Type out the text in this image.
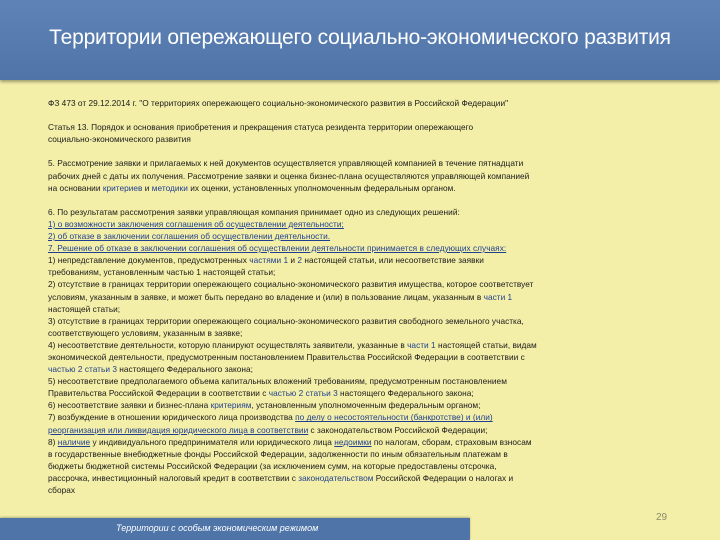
Территории опережающего социально-экономического развития

ФЗ 473 от 29.12.2014 г. "О территориях опережающего социально-экономического развития в Российской Федерации"

Статья 13. Порядок и основания приобретения и прекращения статуса резидента территории опережающего

социально-экономического развития

5. Рассмотрение заявки и прилагаемых к ней документов осуществляется управляющей компанией в течение пятнадцати

рабочих дней с даты их получения. Рассмотрение заявки и оценка бизнес-плана осуществляются управляющей компанией

на основании критериев и методики их оценки, установленных уполномоченным федеральным органом.

6. По результатам рассмотрения заявки управляющая компания принимает одно из следующих решений:

1) о возможности заключения соглашения об осуществлении деятельности;

2) об отказе в заключении соглашения об осуществлении деятельности.

7. Решение об отказе в заключении соглашения об осуществлении деятельности принимается в следующих случаях:

1) непредставление документов, предусмотренных частями 1 и 2 настоящей статьи, или несоответствие заявки

требованиям, установленным частью 1 настоящей статьи;

2) отсутствие в границах территории опережающего социально-экономического развития имущества, которое соответствует

условиям, указанным в заявке, и может быть передано во владение и (или) в пользование лицам, указанным в части 1

настоящей статьи;

3) отсутствие в границах территории опережающего социально-экономического развития свободного земельного участка,

соответствующего условиям, указанным в заявке;

4) несоответствие деятельности, которую планируют осуществлять заявители, указанные в части 1 настоящей статьи, видам

экономической деятельности, предусмотренным постановлением Правительства Российской Федерации в соответствии с

частью 2 статьи 3 настоящего Федерального закона;

5) несоответствие предполагаемого объема капитальных вложений требованиям, предусмотренным постановлением

Правительства Российской Федерации в соответствии с частью 2 статьи 3 настоящего Федерального закона;

6) несоответствие заявки и бизнес-плана критериям, установленным уполномоченным федеральным органом;

7) возбуждение в отношении юридического лица производства по делу о несостоятельности (банкротстве) и (или)

реорганизация или ликвидация юридического лица в соответствии с законодательством Российской Федерации;

8) наличие у индивидуального предпринимателя или юридического лица недоимки по налогам, сборам, страховым взносам

в государственные внебюджетные фонды Российской Федерации, задолженности по иным обязательным платежам в

бюджеты бюджетной системы Российской Федерации (за исключением сумм, на которые предоставлены отсрочка,

рассрочка, инвестиционный налоговый кредит в соответствии с законодательством Российской Федерации о налогах и

сборах

29
Территории с особым экономическим режимом
